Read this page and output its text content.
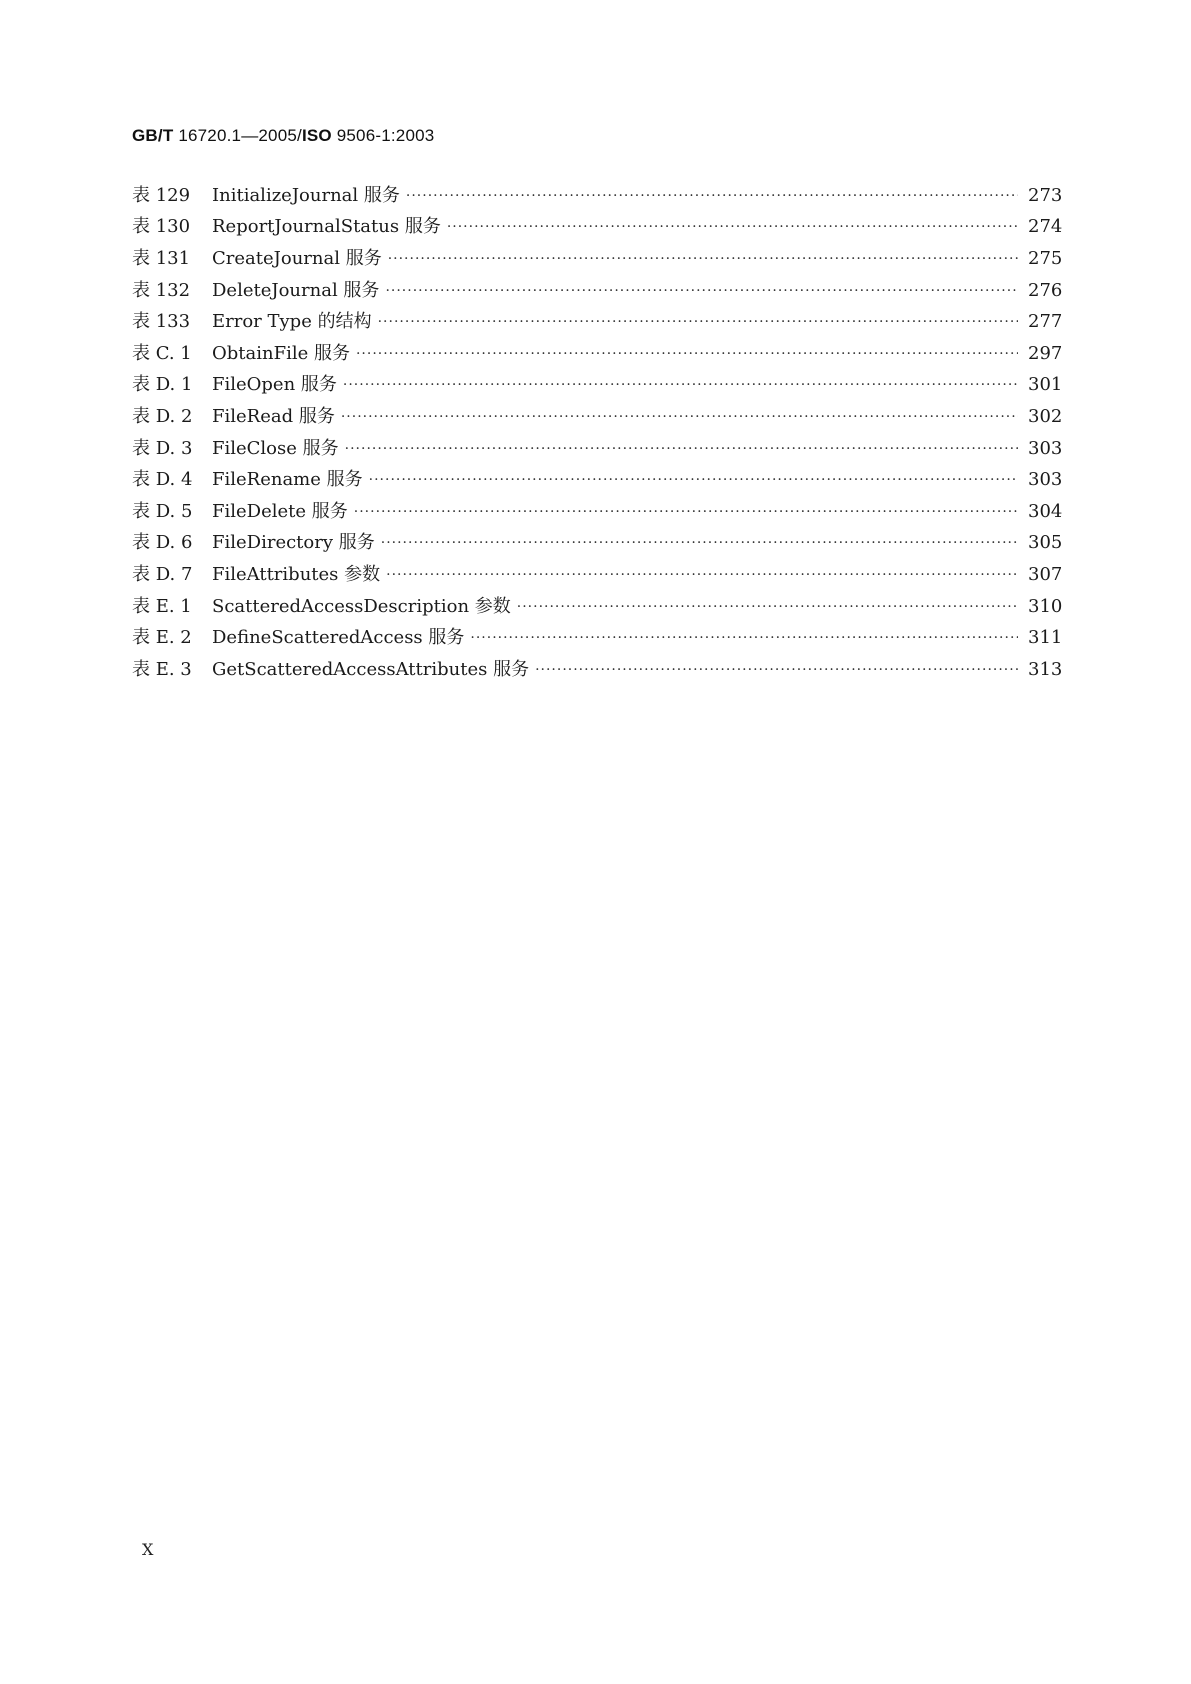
GB/T 16720.1—2005/ISO 9506-1:2003
表 129	InitializeJournal 服务 ·····	273
表 130	ReportJournalStatus 服务 ·····	274
表 131	CreateJournal 服务 ·····	275
表 132	DeleteJournal 服务 ·····	276
表 133	Error Type 的结构 ·····	277
表 C. 1	ObtainFile 服务 ·····	297
表 D. 1	FileOpen 服务 ·····	301
表 D. 2	FileRead 服务 ·····	302
表 D. 3	FileClose 服务 ·····	303
表 D. 4	FileRename 服务 ·····	303
表 D. 5	FileDelete 服务 ·····	304
表 D. 6	FileDirectory 服务 ·····	305
表 D. 7	FileAttributes 参数 ·····	307
表 E. 1	ScatteredAccessDescription 参数 ·····	310
表 E. 2	DefineScatteredAccess 服务 ·····	311
表 E. 3	GetScatteredAccessAttributes 服务 ·····	313
X
